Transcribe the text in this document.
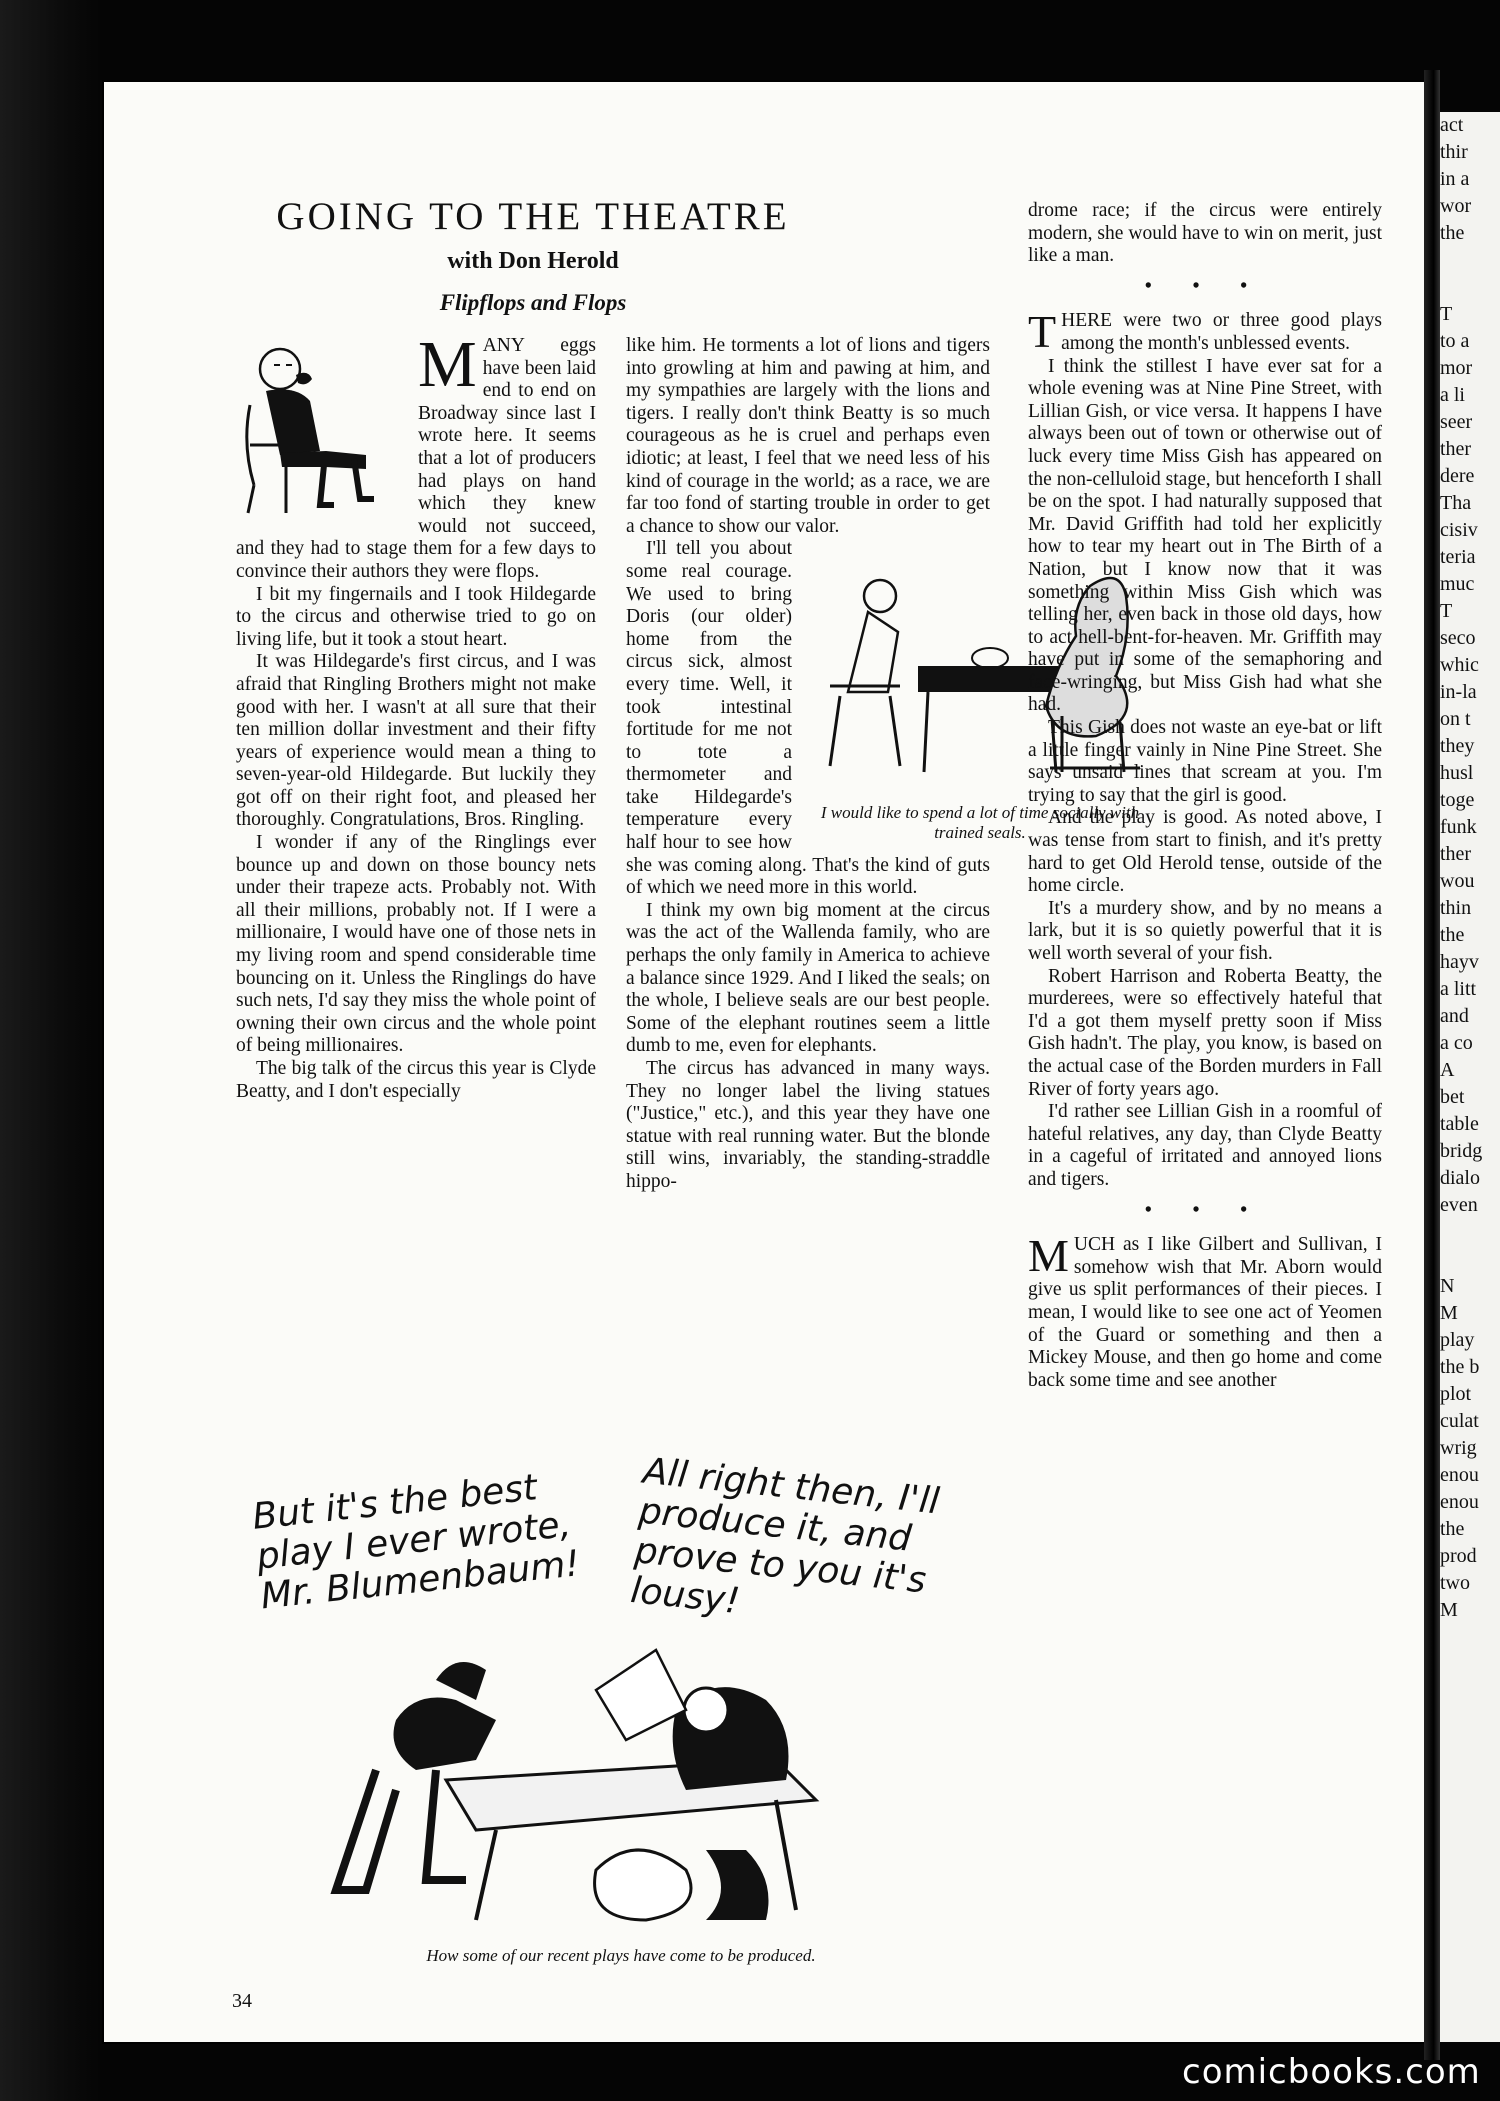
act

thir

in a

wor

the

T

to a

mor

a li

seer

ther

dere

Tha

cisiv

teria

muc

T

seco

whic

in-la

on t

they

husl

toge

funk

ther

wou

thin

the

hayv

a litt

and

a co

A

bet

table

bridg

dialo

even

N

M

play

the b

plot

culat

wrig

enou

enou

the

prod

two

M

GOING TO THE THEATRE
with Don Herold
Flipflops and Flops

MANY eggs have been laid end to end on Broadway since last I wrote here. It seems that a lot of producers had plays on hand which they knew would not succeed, and they had to stage them for a few days to convince their authors they were flops.

I bit my fingernails and I took Hildegarde to the circus and otherwise tried to go on living life, but it took a stout heart.

It was Hildegarde's first circus, and I was afraid that Ringling Brothers might not make good with her. I wasn't at all sure that their ten million dollar investment and their fifty years of experience would mean a thing to seven-year-old Hildegarde. But luckily they got off on their right foot, and pleased her thoroughly. Congratulations, Bros. Ringling.

I wonder if any of the Ringlings ever bounce up and down on those bouncy nets under their trapeze acts. Probably not. With all their millions, probably not. If I were a millionaire, I would have one of those nets in my living room and spend considerable time bouncing on it. Unless the Ringlings do have such nets, I'd say they miss the whole point of owning their own circus and the whole point of being millionaires.

The big talk of the circus this year is Clyde Beatty, and I don't especially

like him. He torments a lot of lions and tigers into growling at him and pawing at him, and my sympathies are largely with the lions and tigers. I really don't think Beatty is so much courageous as he is cruel and perhaps even idiotic; at least, I feel that we need less of his kind of courage in the world; as a race, we are far too fond of starting trouble in order to get a chance to show our valor.

I would like to spend a lot of time socially with trained seals.

I'll tell you about some real courage. We used to bring Doris (our older) home from the circus sick, almost every time. Well, it took intestinal fortitude for me not to tote a thermometer and take Hildegarde's temperature every half hour to see how she was coming along. That's the kind of guts of which we need more in this world.

I think my own big moment at the circus was the act of the Wallenda family, who are perhaps the only family in America to achieve a balance since 1929. And I liked the seals; on the whole, I believe seals are our best people. Some of the elephant routines seem a little dumb to me, even for elephants.

The circus has advanced in many ways. They no longer label the living statues ("Justice," etc.), and this year they have one statue with real running water. But the blonde still wins, invariably, the standing-straddle hippo-

drome race; if the circus were entirely modern, she would have to win on merit, just like a man.

• • •

THERE were two or three good plays among the month's unblessed events.

I think the stillest I have ever sat for a whole evening was at Nine Pine Street, with Lillian Gish, or vice versa. It happens I have always been out of town or otherwise out of luck every time Miss Gish has appeared on the non-celluloid stage, but henceforth I shall be on the spot. I had naturally supposed that Mr. David Griffith had told her explicitly how to tear my heart out in The Birth of a Nation, but I know now that it was something within Miss Gish which was telling her, even back in those old days, how to act hell-bent-for-heaven. Mr. Griffith may have put in some of the semaphoring and face-wringing, but Miss Gish had what she had.

This Gish does not waste an eye-bat or lift a little finger vainly in Nine Pine Street. She says unsaid lines that scream at you. I'm trying to say that the girl is good.

And the play is good. As noted above, I was tense from start to finish, and it's pretty hard to get Old Herold tense, outside of the home circle.

It's a murdery show, and by no means a lark, but it is so quietly powerful that it is well worth several of your fish.

Robert Harrison and Roberta Beatty, the murderees, were so effectively hateful that I'd a got them myself pretty soon if Miss Gish hadn't. The play, you know, is based on the actual case of the Borden murders in Fall River of forty years ago.

I'd rather see Lillian Gish in a roomful of hateful relatives, any day, than Clyde Beatty in a cageful of irritated and annoyed lions and tigers.

• • •

MUCH as I like Gilbert and Sullivan, I somehow wish that Mr. Aborn would give us split performances of their pieces. I mean, I would like to see one act of Yeomen of the Guard or something and then a Mickey Mouse, and then go home and come back some time and see another

But it's the best play I ever wrote, Mr. Blumenbaum!
All right then, I'll produce it, and prove to you it's lousy!
How some of our recent plays have come to be produced.
34
comicbooks.com
